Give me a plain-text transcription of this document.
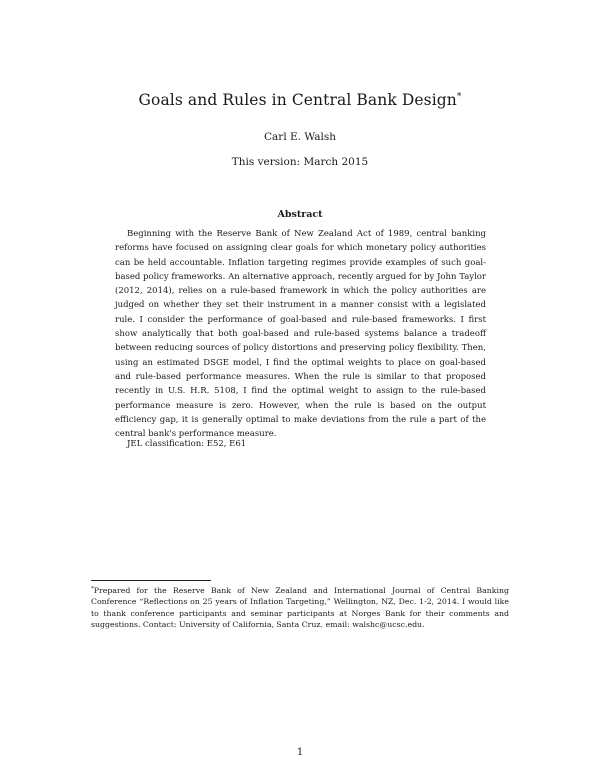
Goals and Rules in Central Bank Design*
Carl E. Walsh
This version: March 2015
Abstract

Beginning with the Reserve Bank of New Zealand Act of 1989, central banking reforms have focused on assigning clear goals for which monetary policy authorities can be held accountable. Inflation targeting regimes provide examples of such goal-based policy frameworks. An alternative approach, recently argued for by John Taylor (2012, 2014), relies on a rule-based framework in which the policy authorities are judged on whether they set their instrument in a manner consist with a legislated rule. I consider the performance of goal-based and rule-based frameworks. I first show analytically that both goal-based and rule-based systems balance a tradeoff between reducing sources of policy distortions and preserving policy flexibility. Then, using an estimated DSGE model, I find the optimal weights to place on goal-based and rule-based performance measures. When the rule is similar to that proposed recently in U.S. H.R. 5108, I find the optimal weight to assign to the rule-based performance measure is zero. However, when the rule is based on the output efficiency gap, it is generally optimal to make deviations from the rule a part of the central bank's performance measure.

JEL classification: E52, E61

*Prepared for the Reserve Bank of New Zealand and International Journal of Central Banking Conference “Reflections on 25 years of Inflation Targeting,” Wellington, NZ, Dec. 1-2, 2014. I would like to thank conference participants and seminar participants at Norges Bank for their comments and suggestions. Contact: University of California, Santa Cruz. email: walshc@ucsc.edu.

1
